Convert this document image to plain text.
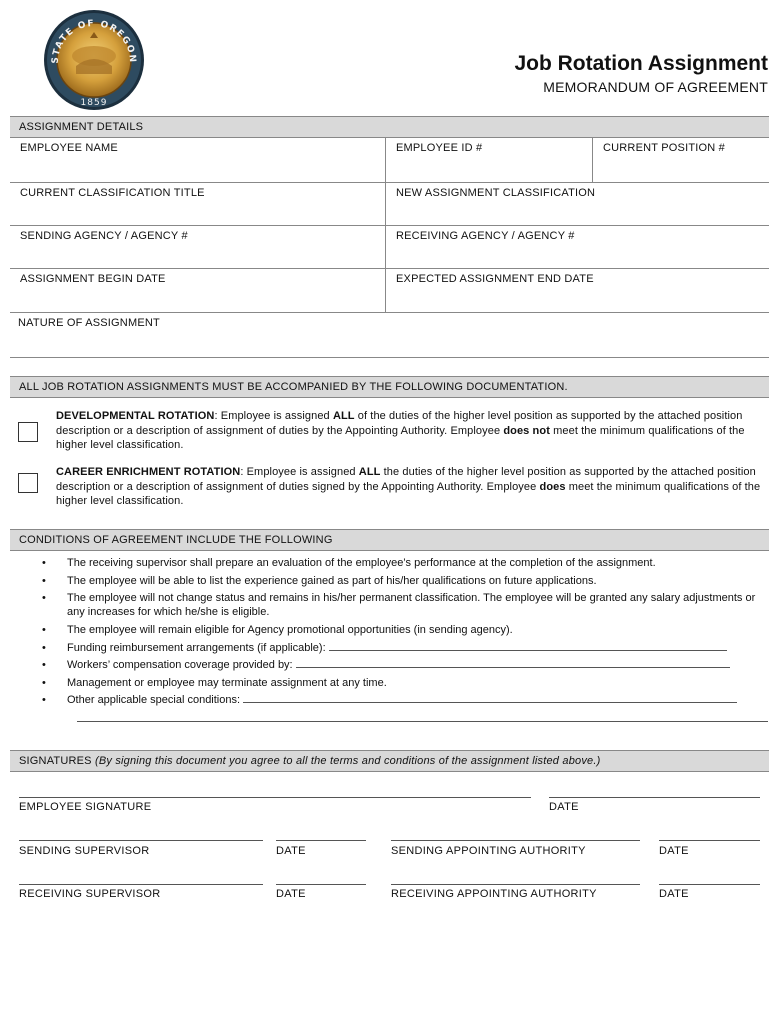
STATE OF OREGON
1859
Job Rotation Assignment
MEMORANDUM OF AGREEMENT
ASSIGNMENT DETAILS
EMPLOYEE NAME	EMPLOYEE ID #	CURRENT POSITION #
CURRENT CLASSIFICATION TITLE	NEW ASSIGNMENT CLASSIFICATION
SENDING AGENCY / AGENCY #	RECEIVING AGENCY / AGENCY #
ASSIGNMENT BEGIN DATE	EXPECTED ASSIGNMENT END DATE
NATURE OF ASSIGNMENT
ALL JOB ROTATION ASSIGNMENTS MUST BE ACCOMPANIED BY THE FOLLOWING DOCUMENTATION.
DEVELOPMENTAL ROTATION: Employee is assigned ALL of the duties of the higher level position as supported by the attached position description or a description of assignment of duties by the Appointing Authority. Employee does not meet the minimum qualifications of the higher level classification.
CAREER ENRICHMENT ROTATION: Employee is assigned ALL the duties of the higher level position as supported by the attached position description or a description of assignment of duties signed by the Appointing Authority. Employee does meet the minimum qualifications of the higher level classification.
CONDITIONS OF AGREEMENT INCLUDE THE FOLLOWING
• The receiving supervisor shall prepare an evaluation of the employee’s performance at the completion of the assignment.
• The employee will be able to list the experience gained as part of his/her qualifications on future applications.
• The employee will not change status and remains in his/her permanent classification. The employee will be granted any salary adjustments or any increases for which he/she is eligible.
• The employee will remain eligible for Agency promotional opportunities (in sending agency).
• Funding reimbursement arrangements (if applicable):
• Workers’ compensation coverage provided by:
• Management or employee may terminate assignment at any time.
• Other applicable special conditions:
SIGNATURES (By signing this document you agree to all the terms and conditions of the assignment listed above.)
EMPLOYEE SIGNATURE	DATE
SENDING SUPERVISOR	DATE	SENDING APPOINTING AUTHORITY	DATE
RECEIVING SUPERVISOR	DATE	RECEIVING APPOINTING AUTHORITY	DATE
